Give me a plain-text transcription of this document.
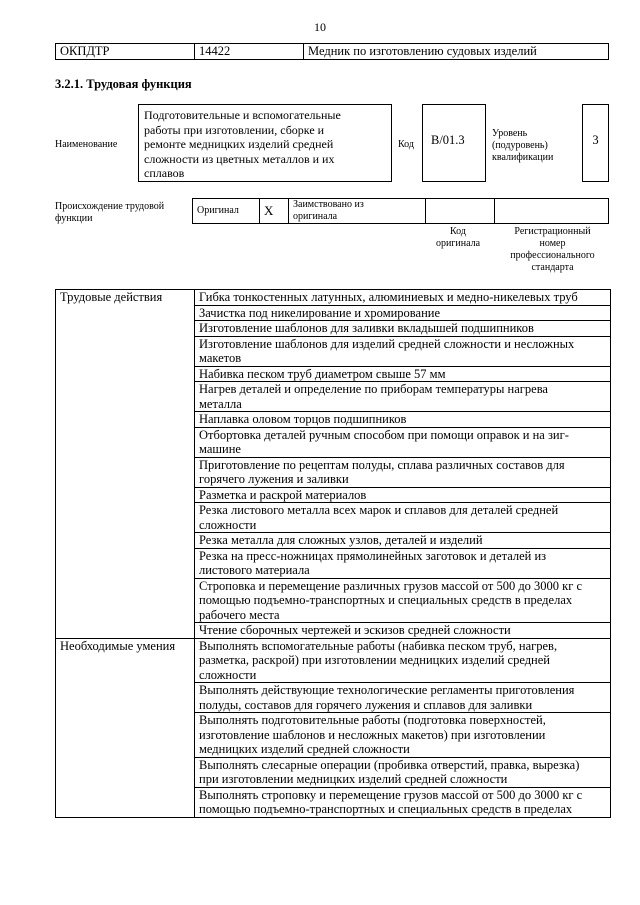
10
ОКПДТР	14422	Медник по изготовлению судовых изделий
3.2.1. Трудовая функция
Наименование
Подготовительные и вспомогательные
работы при изготовлении, сборке и
ремонте медницких изделий средней
сложности из цветных металлов и их
сплавов
Код	В/01.3	Уровень
(подуровень)
квалификации
3
Происхождение трудовой
функции
Оригинал	X	Заимствовано из
оригинала

Код
оригинала
Регистрационный
номер
профессионального
стандарта
Трудовые действия	Гибка тонкостенных латунных, алюминиевых и медно-никелевых труб

	Зачистка под никелирование и хромирование

	Изготовление шаблонов для заливки вкладышей подшипников

	Изготовление шаблонов для изделий средней сложности и несложных
макетов

	Набивка песком труб диаметром свыше 57 мм

	Нагрев деталей и определение по приборам температуры нагрева
металла

	Наплавка оловом торцов подшипников

	Отбортовка деталей ручным способом при помощи оправок и на зиг-
машине

	Приготовление по рецептам полуды, сплава различных составов для
горячего лужения и заливки

	Разметка и раскрой материалов

	Резка листового металла всех марок и сплавов для деталей средней
сложности

	Резка металла для сложных узлов, деталей и изделий

	Резка на пресс-ножницах прямолинейных заготовок и деталей из
листового материала

	Строповка и перемещение различных грузов массой от 500 до 3000 кг с
помощью подъемно-транспортных и специальных средств в пределах
рабочего места

	Чтение сборочных чертежей и эскизов средней сложности

Необходимые умения	Выполнять вспомогательные работы (набивка песком труб, нагрев,
разметка, раскрой) при изготовлении медницких изделий средней
сложности

	Выполнять действующие технологические регламенты приготовления
полуды, составов для горячего лужения и сплавов для заливки

	Выполнять подготовительные работы (подготовка поверхностей,
изготовление шаблонов и несложных макетов) при изготовлении
медницких изделий средней сложности

	Выполнять слесарные операции (пробивка отверстий, правка, вырезка)
при изготовлении медницких изделий средней сложности

	Выполнять строповку и перемещение грузов массой от 500 до 3000 кг с
помощью подъемно-транспортных и специальных средств в пределах
